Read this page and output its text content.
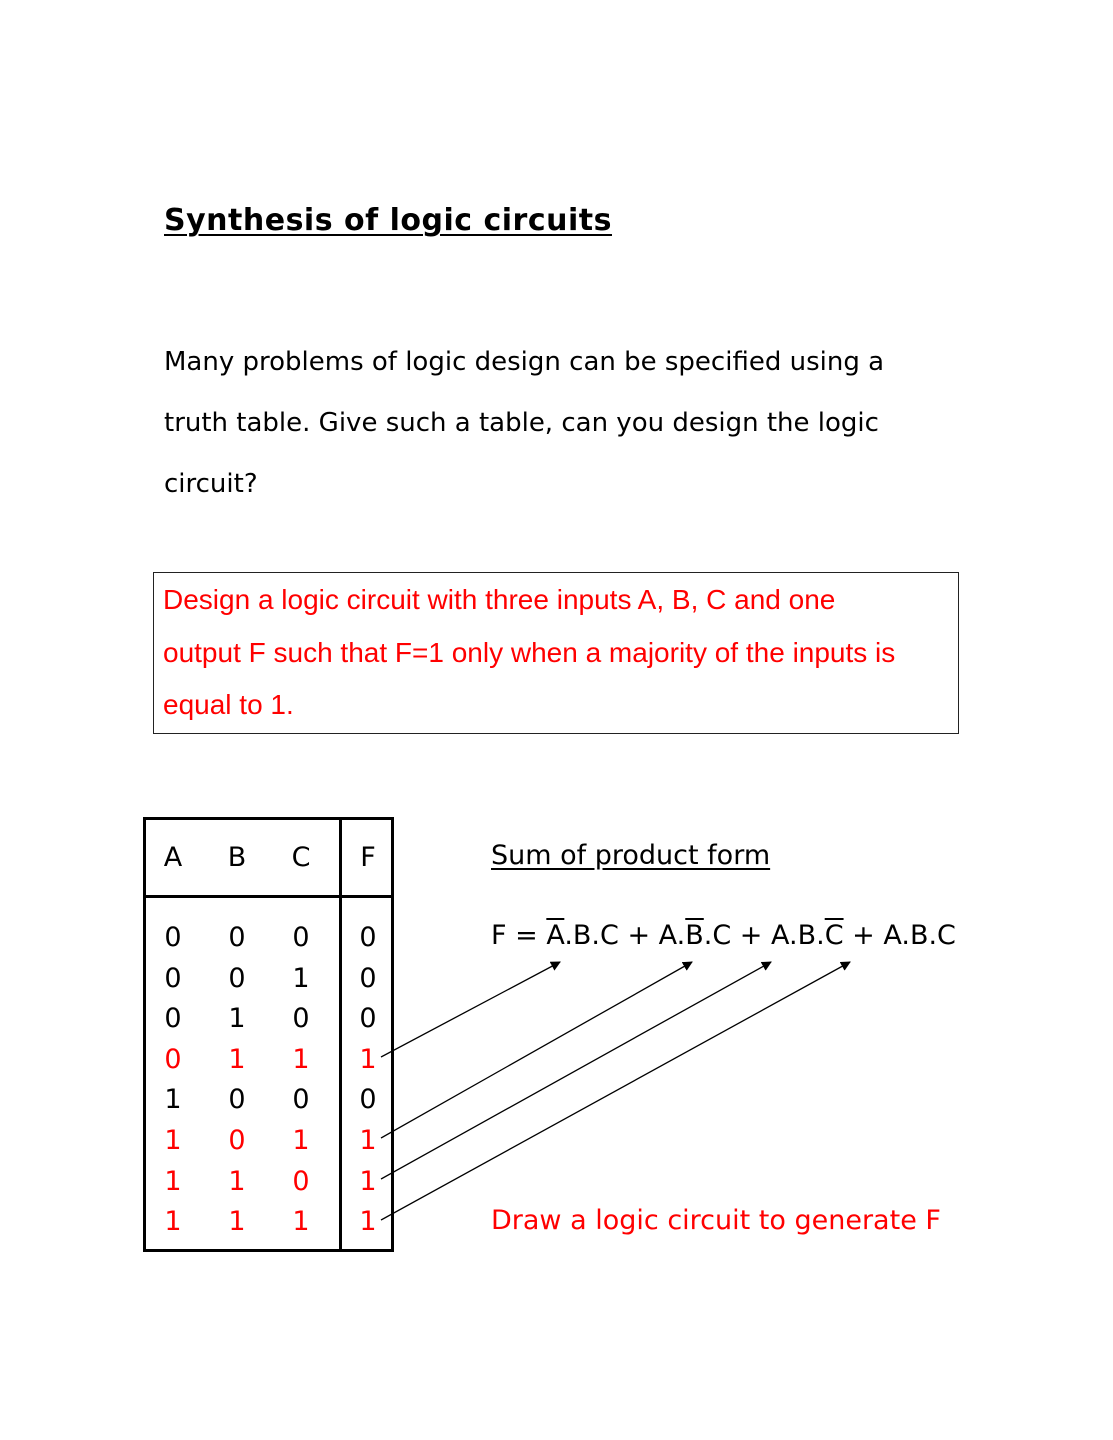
Synthesis of logic circuits
Many problems of logic design can be specified using a
truth table. Give such a table, can you design the logic
circuit?
Design a logic circuit with three inputs A, B, C and one
output F such that F=1 only when a majority of the inputs is
equal to 1.
A	B	C	F
0	0	0	0
0	0	1	0
0	1	0	0
0	1	1	1
1	0	0	0
1	0	1	1
1	1	0	1
1	1	1	1
Sum of product form
$F = \overline{A}.B.C + A.\overline{B}.C + A.B.\overline{C} + A.B.C$
Draw a logic circuit to generate F
